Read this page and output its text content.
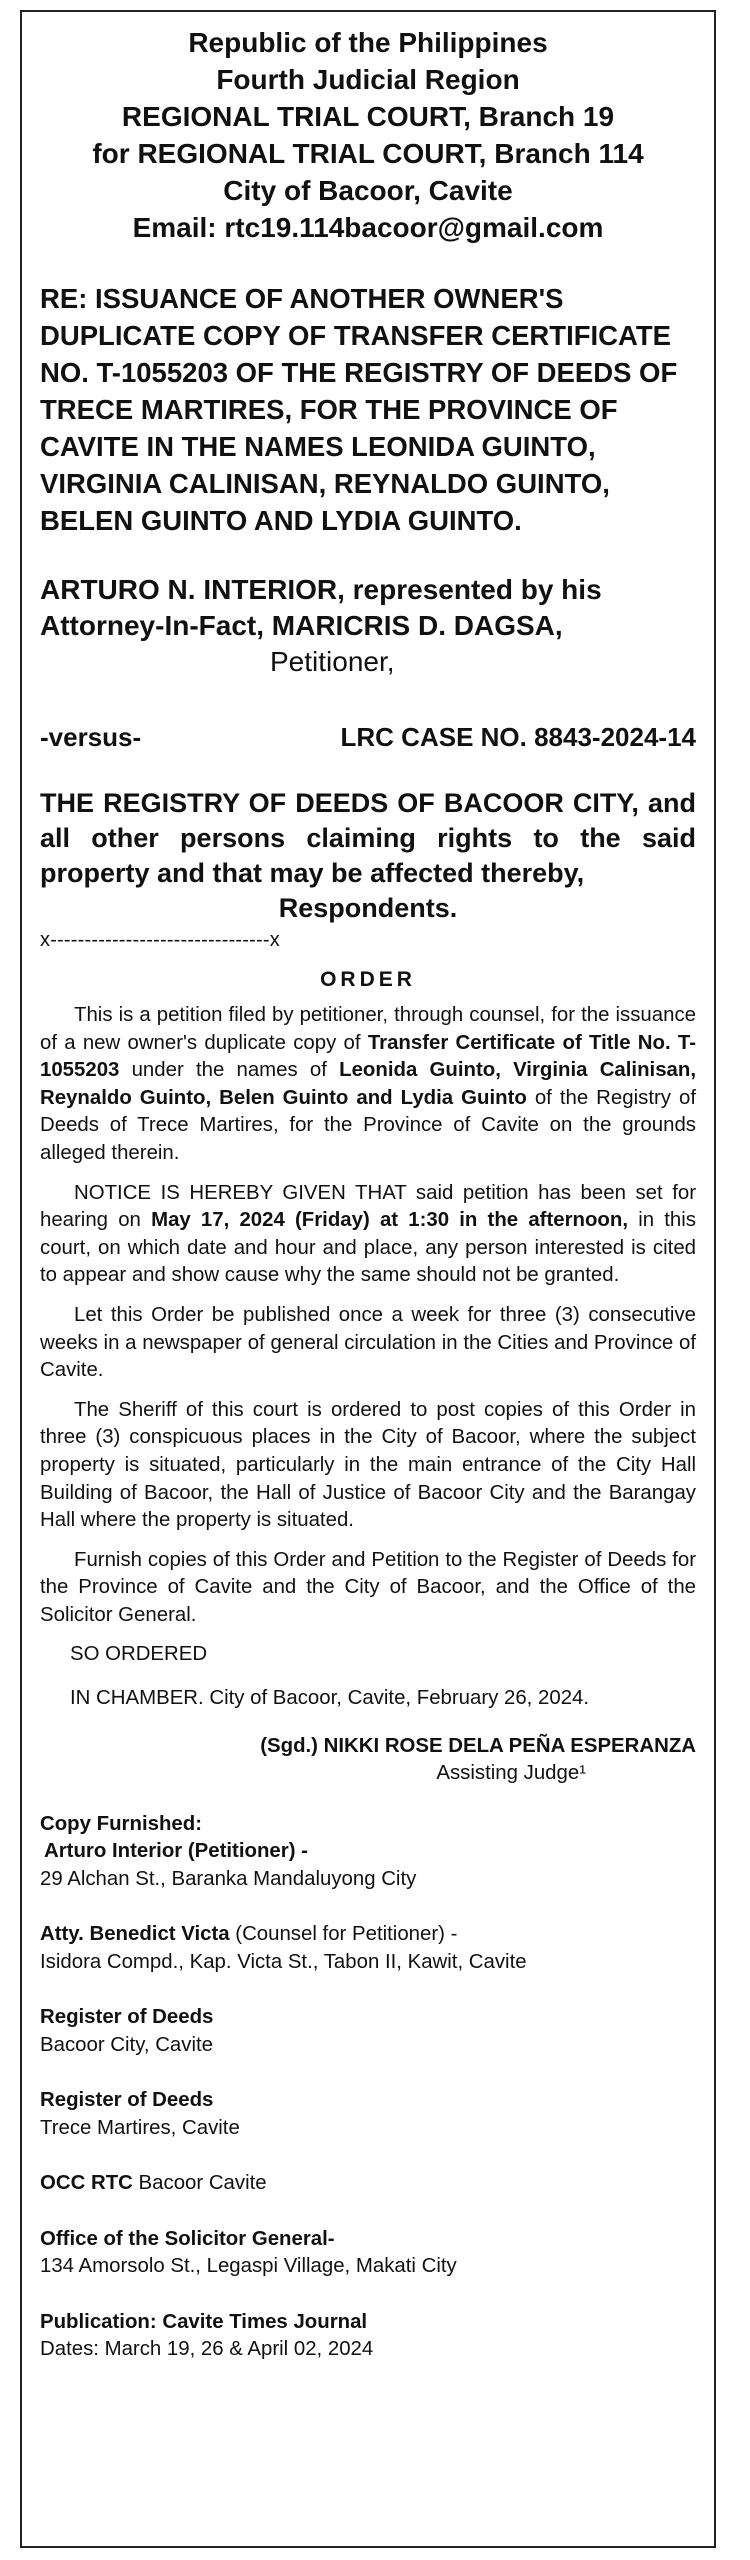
Republic of the Philippines
Fourth Judicial Region
REGIONAL TRIAL COURT, Branch 19
for REGIONAL TRIAL COURT, Branch 114
City of Bacoor, Cavite
Email: rtc19.114bacoor@gmail.com
RE: ISSUANCE OF ANOTHER OWNER'S DUPLICATE COPY OF TRANSFER CERTIFICATE NO. T-1055203 OF THE REGISTRY OF DEEDS OF TRECE MARTIRES, FOR THE PROVINCE OF CAVITE IN THE NAMES LEONIDA GUINTO, VIRGINIA CALINISAN, REYNALDO GUINTO, BELEN GUINTO AND LYDIA GUINTO.
ARTURO N. INTERIOR, represented by his Attorney-In-Fact, MARICRIS D. DAGSA,
Petitioner,
-versus-	LRC CASE NO. 8843-2024-14
THE REGISTRY OF DEEDS OF BACOOR CITY, and all other persons claiming rights to the said property and that may be affected thereby,
Respondents.
x--------------------------------x
ORDER

This is a petition filed by petitioner, through counsel, for the issuance of a new owner's duplicate copy of Transfer Certificate of Title No. T-1055203 under the names of Leonida Guinto, Virginia Calinisan, Reynaldo Guinto, Belen Guinto and Lydia Guinto of the Registry of Deeds of Trece Martires, for the Province of Cavite on the grounds alleged therein.

NOTICE IS HEREBY GIVEN THAT said petition has been set for hearing on May 17, 2024 (Friday) at 1:30 in the afternoon, in this court, on which date and hour and place, any person interested is cited to appear and show cause why the same should not be granted.

Let this Order be published once a week for three (3) consecutive weeks in a newspaper of general circulation in the Cities and Province of Cavite.

The Sheriff of this court is ordered to post copies of this Order in three (3) conspicuous places in the City of Bacoor, where the subject property is situated, particularly in the main entrance of the City Hall Building of Bacoor, the Hall of Justice of Bacoor City and the Barangay Hall where the property is situated.

Furnish copies of this Order and Petition to the Register of Deeds for the Province of Cavite and the City of Bacoor, and the Office of the Solicitor General.

SO ORDERED
IN CHAMBER. City of Bacoor, Cavite, February 26, 2024.
(Sgd.) NIKKI ROSE DELA PEÑA ESPERANZA
Assisting Judge¹
Copy Furnished:
Arturo Interior (Petitioner) -
29 Alchan St., Baranka Mandaluyong City
Atty. Benedict Victa (Counsel for Petitioner) -
Isidora Compd., Kap. Victa St., Tabon II, Kawit, Cavite
Register of Deeds
Bacoor City, Cavite
Register of Deeds
Trece Martires, Cavite
OCC RTC Bacoor Cavite
Office of the Solicitor General-
134 Amorsolo St., Legaspi Village, Makati City
Publication: Cavite Times Journal
Dates: March 19, 26 & April 02, 2024
